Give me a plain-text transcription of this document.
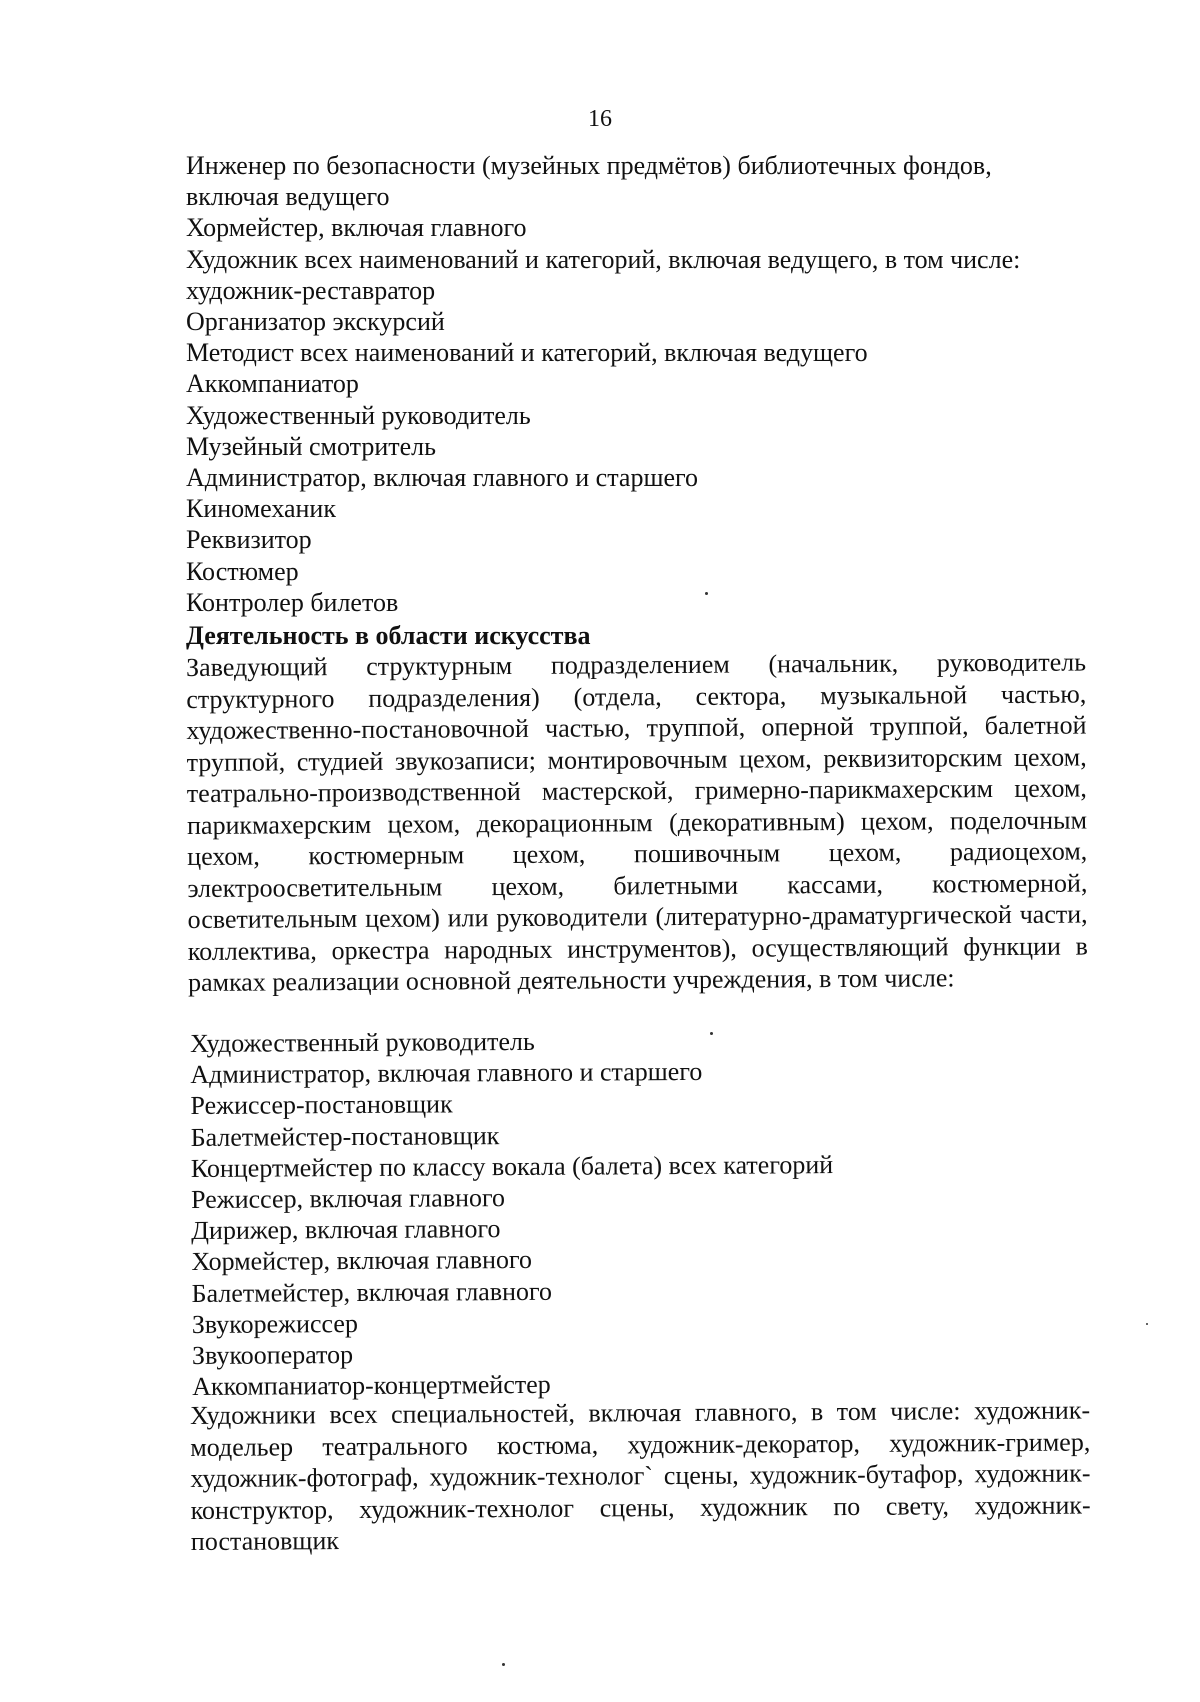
16
Инженер по безопасности (музейных предмётов) библиотечных фондов,
включая ведущего
Хормейстер, включая главного
Художник всех наименований и категорий, включая ведущего, в том числе:
художник-реставратор
Организатор экскурсий
Методист всех наименований и категорий, включая ведущего
Аккомпаниатор
Художественный руководитель
Музейный смотритель
Администратор, включая главного и старшего
Киномеханик
Реквизитор
Костюмер
Контролер билетов
Деятельность в области искусства
Заведующий структурным подразделением (начальник, руководитель структурного подразделения) (отдела, сектора, музыкальной частью, художественно-постановочной частью, труппой, оперной труппой, балетной труппой, студией звукозаписи; монтировочным цехом, реквизиторским цехом, театрально-производственной мастерской, гримерно-парикмахерским цехом, парикмахерским цехом, декорационным (декоративным) цехом, поделочным цехом, костюмерным цехом, пошивочным цехом, радиоцехом, электроосветительным цехом, билетными кассами, костюмерной, осветительным цехом) или руководители (литературно-драматургической части, коллектива, оркестра народных инструментов), осуществляющий функции в рамках реализации основной деятельности учреждения, в том числе:
Художественный руководитель
Администратор, включая главного и старшего
Режиссер-постановщик
Балетмейстер-постановщик
Концертмейстер по классу вокала (балета) всех категорий
Режиссер, включая главного
Дирижер, включая главного
Хормейстер, включая главного
Балетмейстер, включая главного
Звукорежиссер
Звукооператор
Аккомпаниатор-концертмейстер
Художники всех специальностей, включая главного, в том числе: художник-модельер театрального костюма, художник-декоратор, художник-гример, художник-фотограф, художник-технолог` сцены, художник-бутафор, художник-конструктор, художник-технолог сцены, художник по свету, художник-постановщик
